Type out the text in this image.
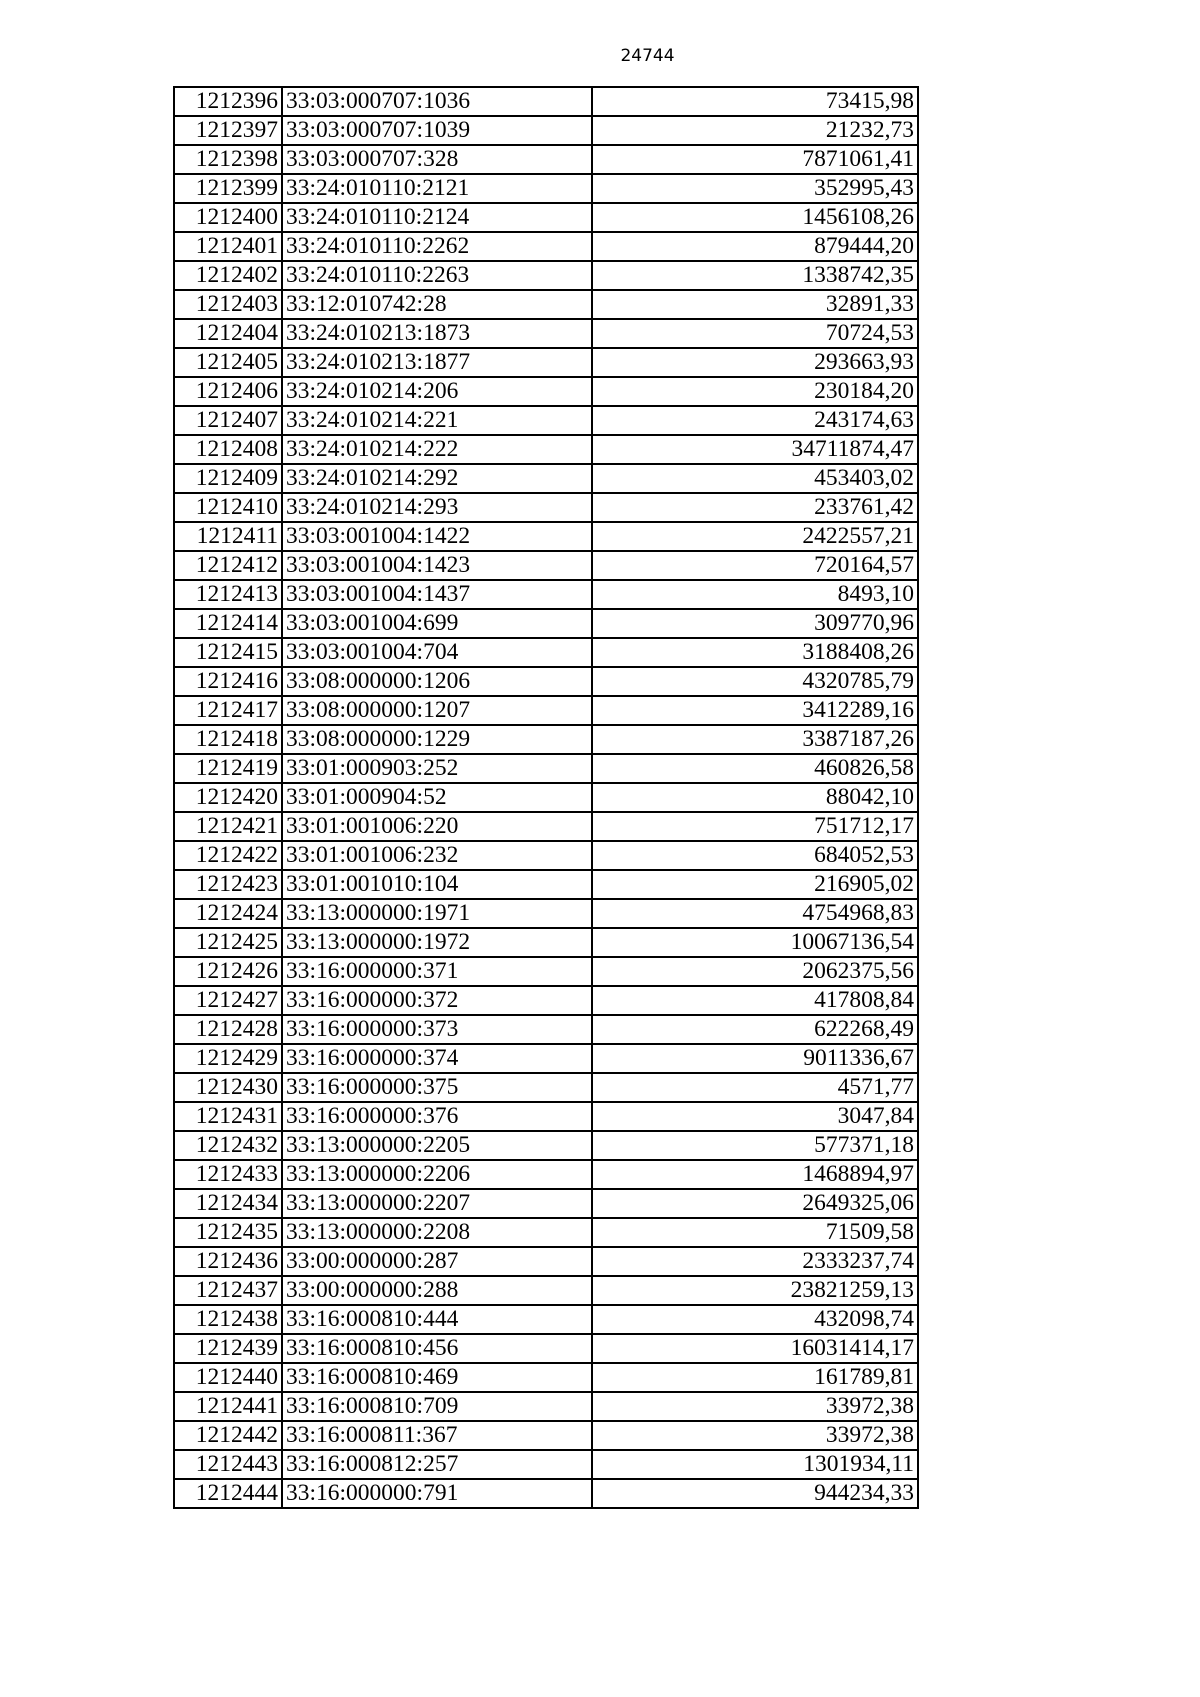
24744
1212396	33:03:000707:1036	73415,98
1212397	33:03:000707:1039	21232,73
1212398	33:03:000707:328	7871061,41
1212399	33:24:010110:2121	352995,43
1212400	33:24:010110:2124	1456108,26
1212401	33:24:010110:2262	879444,20
1212402	33:24:010110:2263	1338742,35
1212403	33:12:010742:28	32891,33
1212404	33:24:010213:1873	70724,53
1212405	33:24:010213:1877	293663,93
1212406	33:24:010214:206	230184,20
1212407	33:24:010214:221	243174,63
1212408	33:24:010214:222	34711874,47
1212409	33:24:010214:292	453403,02
1212410	33:24:010214:293	233761,42
1212411	33:03:001004:1422	2422557,21
1212412	33:03:001004:1423	720164,57
1212413	33:03:001004:1437	8493,10
1212414	33:03:001004:699	309770,96
1212415	33:03:001004:704	3188408,26
1212416	33:08:000000:1206	4320785,79
1212417	33:08:000000:1207	3412289,16
1212418	33:08:000000:1229	3387187,26
1212419	33:01:000903:252	460826,58
1212420	33:01:000904:52	88042,10
1212421	33:01:001006:220	751712,17
1212422	33:01:001006:232	684052,53
1212423	33:01:001010:104	216905,02
1212424	33:13:000000:1971	4754968,83
1212425	33:13:000000:1972	10067136,54
1212426	33:16:000000:371	2062375,56
1212427	33:16:000000:372	417808,84
1212428	33:16:000000:373	622268,49
1212429	33:16:000000:374	9011336,67
1212430	33:16:000000:375	4571,77
1212431	33:16:000000:376	3047,84
1212432	33:13:000000:2205	577371,18
1212433	33:13:000000:2206	1468894,97
1212434	33:13:000000:2207	2649325,06
1212435	33:13:000000:2208	71509,58
1212436	33:00:000000:287	2333237,74
1212437	33:00:000000:288	23821259,13
1212438	33:16:000810:444	432098,74
1212439	33:16:000810:456	16031414,17
1212440	33:16:000810:469	161789,81
1212441	33:16:000810:709	33972,38
1212442	33:16:000811:367	33972,38
1212443	33:16:000812:257	1301934,11
1212444	33:16:000000:791	944234,33
